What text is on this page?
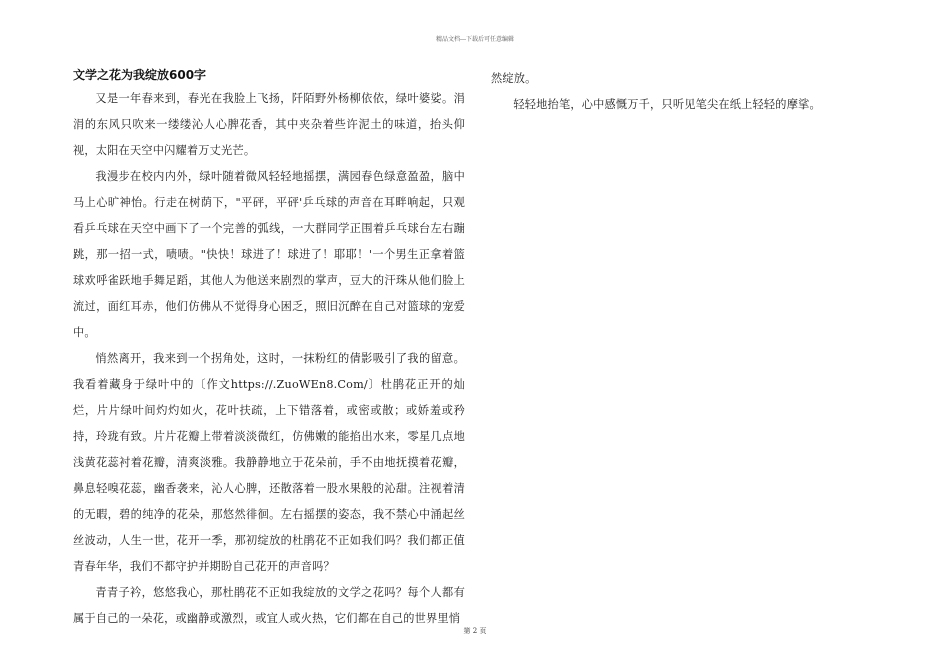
精品文档---下载后可任意编辑
文学之花为我绽放600字

又是一年春来到，春光在我脸上飞扬，阡陌野外杨柳依依，绿叶婆娑。涓涓的东风只吹来一缕缕沁人心脾花香，其中夹杂着些许泥土的味道，抬头仰视，太阳在天空中闪耀着万丈光芒。

我漫步在校内内外，绿叶随着微风轻轻地摇摆，满园春色绿意盈盈，脑中马上心旷神怡。行走在树荫下，"平砰，平砰'乒乓球的声音在耳畔响起，只观看乒乓球在天空中画下了一个完善的弧线，一大群同学正围着乒乓球台左右蹦跳，那一招一式，啧啧。"快快！球进了！球进了！耶耶！'一个男生正拿着篮球欢呼雀跃地手舞足蹈，其他人为他送来剧烈的掌声，豆大的汗珠从他们脸上流过，面红耳赤，他们仿佛从不觉得身心困乏，照旧沉醉在自己对篮球的宠爱中。

悄然离开，我来到一个拐角处，这时，一抹粉红的倩影吸引了我的留意。我看着藏身于绿叶中的〔作文https://.ZuoWEn8.Com/〕杜鹃花正开的灿烂，片片绿叶间灼灼如火，花叶扶疏，上下错落着，或密或散；或娇羞或矜持，玲珑有致。片片花瓣上带着淡淡微红，仿佛嫩的能掐出水来，零星几点地浅黄花蕊衬着花瓣，清爽淡雅。我静静地立于花朵前，手不由地抚摸着花瓣，鼻息轻嗅花蕊，幽香袭来，沁人心脾，还散落着一股水果般的沁甜。注视着清的无暇，碧的纯净的花朵，那悠然徘徊。左右摇摆的姿态，我不禁心中涌起丝丝波动，人生一世，花开一季，那初绽放的杜鹃花不正如我们吗？我们都正值青春年华，我们不都守护并期盼自己花开的声音吗？

青青子衿，悠悠我心，那杜鹃花不正如我绽放的文学之花吗？每个人都有属于自己的一朵花，或幽静或激烈，或宜人或火热，它们都在自己的世界里悄

然绽放。

轻轻地抬笔，心中感慨万千，只听见笔尖在纸上轻轻的摩挲。

第 2 页
